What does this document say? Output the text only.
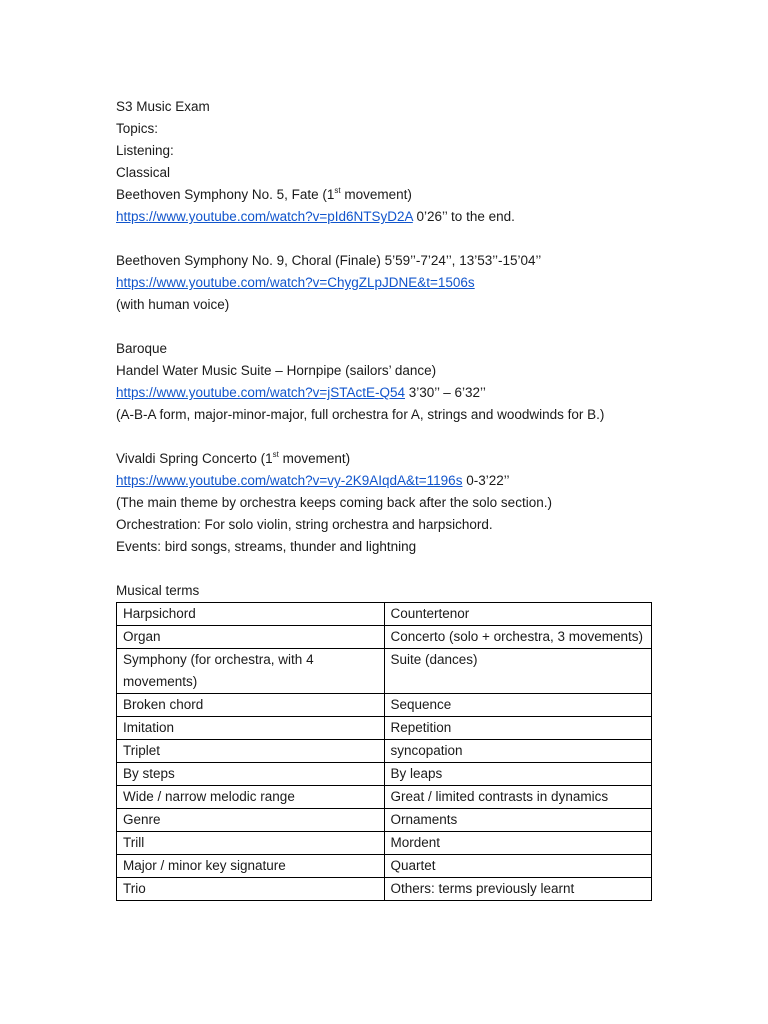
S3 Music Exam
Topics:
Listening:
Classical
Beethoven Symphony No. 5, Fate (1st movement)
https://www.youtube.com/watch?v=pId6NTSyD2A 0’26’’ to the end.
Beethoven Symphony No. 9, Choral (Finale) 5’59’’-7’24’’, 13’53’’-15’04’’
https://www.youtube.com/watch?v=ChygZLpJDNE&t=1506s
(with human voice)
Baroque
Handel Water Music Suite – Hornpipe (sailors’ dance)
https://www.youtube.com/watch?v=jSTActE-Q54 3’30’’ – 6’32’’
(A-B-A form, major-minor-major, full orchestra for A, strings and woodwinds for B.)
Vivaldi Spring Concerto (1st movement)
https://www.youtube.com/watch?v=vy-2K9AIqdA&t=1196s 0-3’22’’
(The main theme by orchestra keeps coming back after the solo section.)
Orchestration: For solo violin, string orchestra and harpsichord.
Events: bird songs, streams, thunder and lightning
Musical terms
Harpsichord	Countertenor
Organ	Concerto (solo + orchestra, 3 movements)
Symphony (for orchestra, with 4 movements)	Suite (dances)
Broken chord	Sequence
Imitation	Repetition
Triplet	syncopation
By steps	By leaps
Wide / narrow melodic range	Great / limited contrasts in dynamics
Genre	Ornaments
Trill	Mordent
Major / minor key signature	Quartet
Trio	Others: terms previously learnt
